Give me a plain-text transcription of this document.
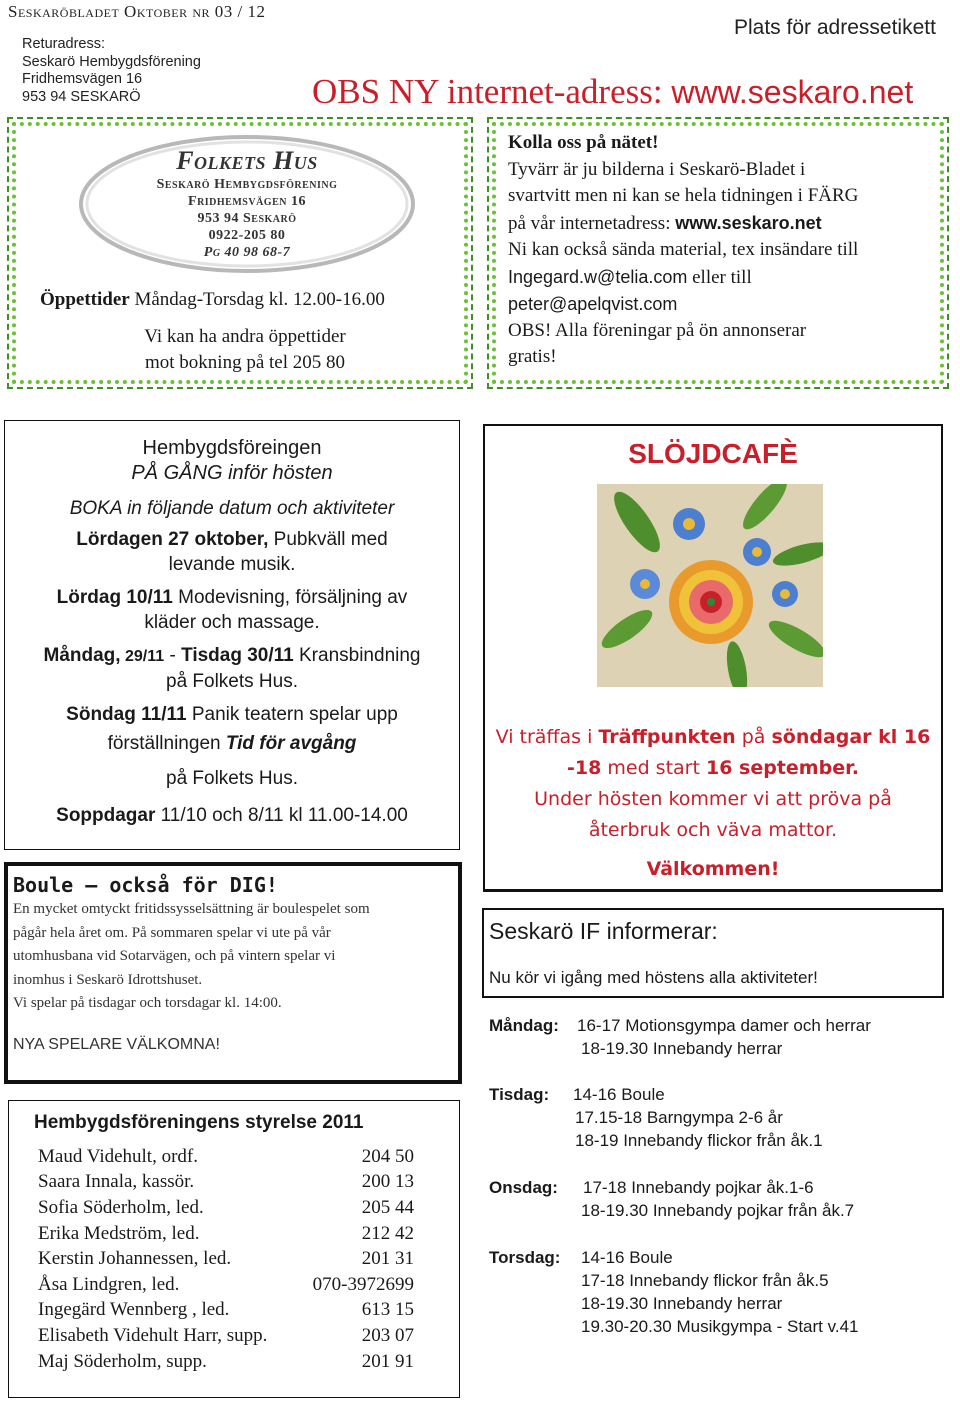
Seskaröbladet Oktober nr 03 / 12
Plats för adressetikett
Returadress:
Seskarö Hembygdsförening
Fridhemsvägen 16
953 94 SESKARÖ	OBS NY internet-adress: www.seskaro.net
Folkets Hus
Seskarö Hembygdsförening
Fridhemsvägen 16
953 94 Seskarö
0922-205 80
Pg 40 98 68-7
Öppettider Måndag-Torsdag kl. 12.00-16.00
Vi kan ha andra öppettider
mot bokning på tel 205 80
Kolla oss på nätet!
Tyvärr är ju bilderna i Seskarö-Bladet i
svartvitt men ni kan se hela tidningen i FÄRG
på vår internetadress: www.seskaro.net
Ni kan också sända material, tex insändare till
Ingegard.w@telia.com eller till
peter@apelqvist.com
OBS! Alla föreningar på ön annonserar
gratis!
Hembygdsföreingen
PÅ GÅNG inför hösten
BOKA in följande datum och aktiviteter
Lördagen 27 oktober, Pubkväll med
levande musik.
Lördag 10/11 Modevisning, försäljning av
kläder och massage.
Måndag, 29/11 - Tisdag 30/11 Kransbindning
på Folkets Hus.
Söndag 11/11 Panik teatern spelar upp
förställningen Tid för avgång
på Folkets Hus.
Soppdagar 11/10 och 8/11 kl 11.00-14.00
SLÖJDCAFÈ
Vi träffas i Träffpunkten på söndagar kl 16
-18 med start 16 september.
Under hösten kommer vi att pröva på
återbruk och väva mattor.
Välkommen!
Boule – också för DIG!
En mycket omtyckt fritidssysselsättning är boulespelet som
pågår hela året om. På sommaren spelar vi ute på vår
utomhusbana vid Sotarvägen, och på vintern spelar vi
inomhus i Seskarö Idrottshuset.
Vi spelar på tisdagar och torsdagar kl. 14:00.
NYA SPELARE VÄLKOMNA!
Hembygdsföreningens styrelse 2011
Maud Videhult, ordf.	204 50
Saara Innala, kassör.	200 13
Sofia Söderholm, led.	205 44
Erika Medström, led.	212 42
Kerstin Johannessen, led.	201 31
Åsa Lindgren, led.	070-3972699
Ingegärd Wennberg , led.	613 15
Elisabeth Videhult Harr, supp.	203 07
Maj Söderholm, supp.	201 91
Seskarö IF informerar:
Nu kör vi igång med höstens alla aktiviteter!
Måndag:	16-17 Motionsgympa damer och herrar
18-19.30 Innebandy herrar
Tisdag:	14-16 Boule
17.15-18 Barngympa 2-6 år
18-19 Innebandy flickor från åk.1
Onsdag:	17-18 Innebandy pojkar åk.1-6
18-19.30 Innebandy pojkar från åk.7
Torsdag:	14-16 Boule
17-18 Innebandy flickor från åk.5
18-19.30 Innebandy herrar
19.30-20.30 Musikgympa - Start v.41
